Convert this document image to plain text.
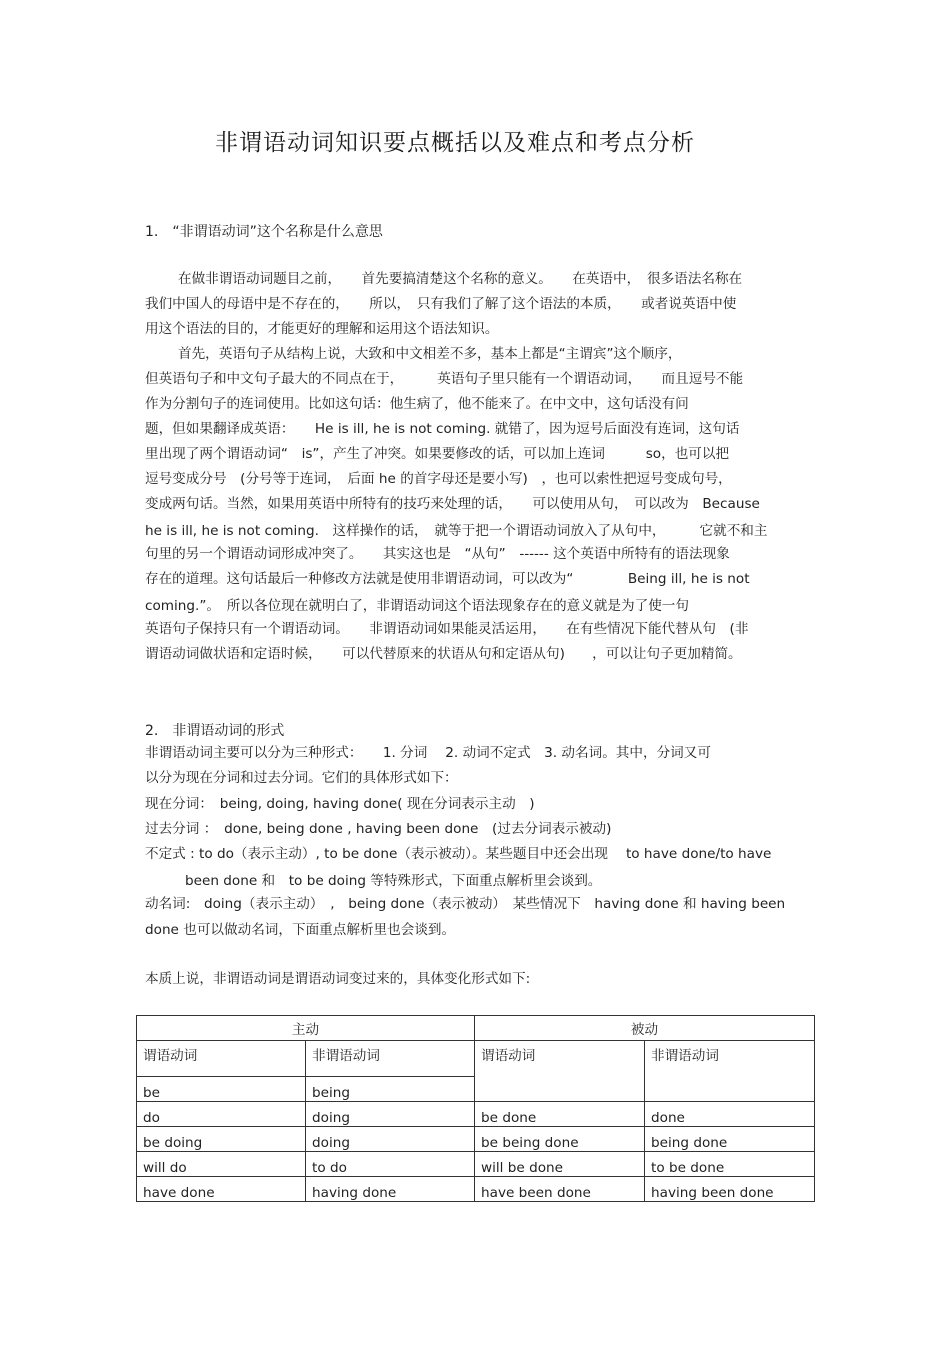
非谓语动词知识要点概括以及难点和考点分析
1.　“非谓语动词”这个名称是什么意思
在做非谓语动词题目之前，　　首先要搞清楚这个名称的意义。　　在英语中，　很多语法名称在
我们中国人的母语中是不存在的，　　所以，　只有我们了解了这个语法的本质，　　或者说英语中使
用这个语法的目的，才能更好的理解和运用这个语法知识。
首先，英语句子从结构上说，大致和中文相差不多，基本上都是“主谓宾”这个顺序，
但英语句子和中文句子最大的不同点在于，　　　英语句子里只能有一个谓语动词，　　而且逗号不能
作为分割句子的连词使用。比如这句话：他生病了，他不能来了。在中文中，这句话没有问
题，但如果翻译成英语：　　He is ill, he is not coming. 就错了，因为逗号后面没有连词，这句话
里出现了两个谓语动词“　is”，产生了冲突。如果要修改的话，可以加上连词　　　so，也可以把
逗号变成分号　(分号等于连词，　后面 he 的首字母还是要小写)　，也可以索性把逗号变成句号，
变成两句话。当然，如果用英语中所特有的技巧来处理的话，　　可以使用从句，　可以改为　Because
he is ill, he is not coming.　这样操作的话，　就等于把一个谓语动词放入了从句中，　　　它就不和主
句里的另一个谓语动词形成冲突了。　　其实这也是　“从句”　------ 这个英语中所特有的语法现象
存在的道理。这句话最后一种修改方法就是使用非谓语动词，可以改为“　　　　Being ill, he is not
coming.”。　所以各位现在就明白了，非谓语动词这个语法现象存在的意义就是为了使一句
英语句子保持只有一个谓语动词。　　非谓语动词如果能灵活运用，　　在有些情况下能代替从句　(非
谓语动词做状语和定语时候，　　可以代替原来的状语从句和定语从句)　　，可以让句子更加精简。
2.　非谓语动词的形式
非谓语动词主要可以分为三种形式：　　1. 分词　 2. 动词不定式　3. 动名词。其中，分词又可
以分为现在分词和过去分词。它们的具体形式如下：
现在分词：　being, doing, having done( 现在分词表示主动　)
过去分词 ：　done, being done , having been done　(过去分词表示被动)
不定式 : to do（表示主动）, to be done（表示被动）。某些题目中还会出现　 to have done/to have
been done 和　to be doing 等特殊形式，下面重点解析里会谈到。
动名词:　doing（表示主动）　,　being done（表示被动）　某些情况下　having done 和 having been
done 也可以做动名词，下面重点解析里也会谈到。
本质上说，非谓语动词是谓语动词变过来的，具体变化形式如下:
主动		被动	
谓语动词	非谓语动词	谓语动词	非谓语动词
be	being		
do	doing	be done	done
be doing	doing	be being done	being done
will do	to do	will be done	to be done
have done	having done	have been done	having been done
